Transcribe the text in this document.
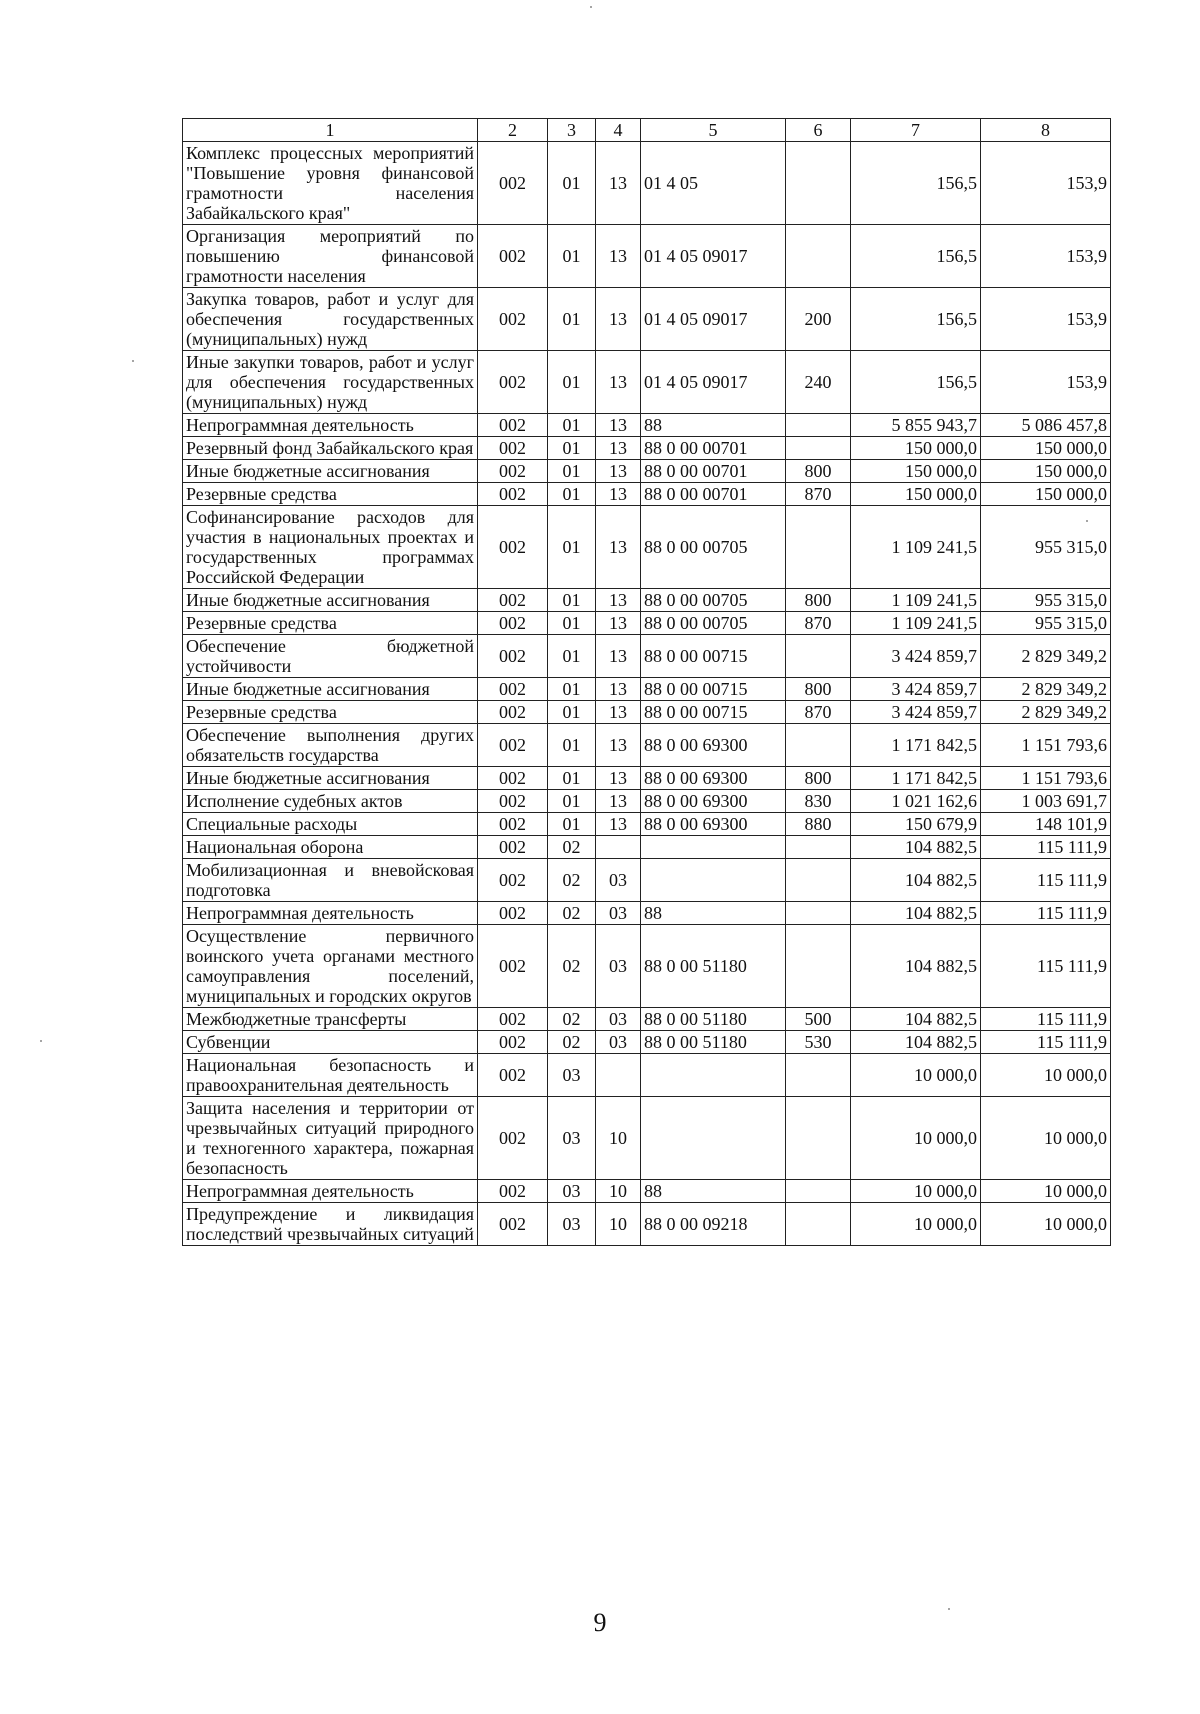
1	2	3	4	5	6	7	8
Комплекс процессных мероприятий "Повышение уровня финансовой грамотности населения Забайкальского края"	002	01	13	01 4 05		156,5	153,9
Организация мероприятий по повышению финансовой грамотности населения	002	01	13	01 4 05 09017		156,5	153,9
Закупка товаров, работ и услуг для обеспечения государственных (муниципальных) нужд	002	01	13	01 4 05 09017	200	156,5	153,9
Иные закупки товаров, работ и услуг для обеспечения государственных (муниципальных) нужд	002	01	13	01 4 05 09017	240	156,5	153,9
Непрограммная деятельность	002	01	13	88		5 855 943,7	5 086 457,8
Резервный фонд Забайкальского края	002	01	13	88 0 00 00701		150 000,0	150 000,0
Иные бюджетные ассигнования	002	01	13	88 0 00 00701	800	150 000,0	150 000,0
Резервные средства	002	01	13	88 0 00 00701	870	150 000,0	150 000,0
Софинансирование расходов для участия в национальных проектах и государственных программах Российской Федерации	002	01	13	88 0 00 00705		1 109 241,5	955 315,0
Иные бюджетные ассигнования	002	01	13	88 0 00 00705	800	1 109 241,5	955 315,0
Резервные средства	002	01	13	88 0 00 00705	870	1 109 241,5	955 315,0
Обеспечение бюджетной устойчивости	002	01	13	88 0 00 00715		3 424 859,7	2 829 349,2
Иные бюджетные ассигнования	002	01	13	88 0 00 00715	800	3 424 859,7	2 829 349,2
Резервные средства	002	01	13	88 0 00 00715	870	3 424 859,7	2 829 349,2
Обеспечение выполнения других обязательств государства	002	01	13	88 0 00 69300		1 171 842,5	1 151 793,6
Иные бюджетные ассигнования	002	01	13	88 0 00 69300	800	1 171 842,5	1 151 793,6
Исполнение судебных актов	002	01	13	88 0 00 69300	830	1 021 162,6	1 003 691,7
Специальные расходы	002	01	13	88 0 00 69300	880	150 679,9	148 101,9
Национальная оборона	002	02				104 882,5	115 111,9
Мобилизационная и вневойсковая подготовка	002	02	03			104 882,5	115 111,9
Непрограммная деятельность	002	02	03	88		104 882,5	115 111,9
Осуществление первичного воинского учета органами местного самоуправления поселений, муниципальных и городских округов	002	02	03	88 0 00 51180		104 882,5	115 111,9
Межбюджетные трансферты	002	02	03	88 0 00 51180	500	104 882,5	115 111,9
Субвенции	002	02	03	88 0 00 51180	530	104 882,5	115 111,9
Национальная безопасность и правоохранительная деятельность	002	03				10 000,0	10 000,0
Защита населения и территории от чрезвычайных ситуаций природного и техногенного характера, пожарная безопасность	002	03	10			10 000,0	10 000,0
Непрограммная деятельность	002	03	10	88		10 000,0	10 000,0
Предупреждение и ликвидация последствий чрезвычайных ситуаций	002	03	10	88 0 00 09218		10 000,0	10 000,0
9
